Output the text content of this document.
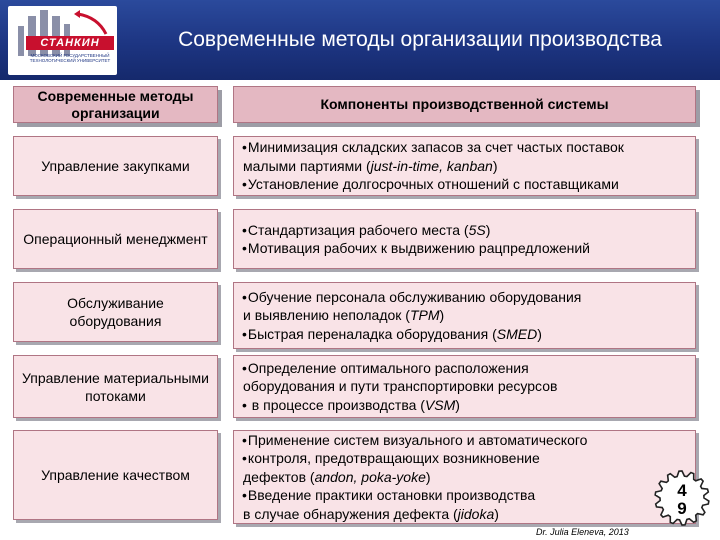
СТАНКИН
МОСКОВСКИЙ ГОСУДАРСТВЕННЫЙ ТЕХНОЛОГИЧЕСКИЙ УНИВЕРСИТЕТ
Современные методы организации производства
Современные методы организации
Компоненты производственной системы
Управление закупками
•Минимизация складских запасов за счет частых поставок
малыми партиями (just-in-time, kanban)
•Установление долгосрочных отношений с поставщиками
Операционный менеджмент
•Стандартизация рабочего места (5S)
•Мотивация рабочих к выдвижению рацпредложений
Обслуживание оборудования
•Обучение персонала обслуживанию оборудования
и выявлению неполадок (TPM)
•Быстрая переналадка оборудования (SMED)
Управление материальными потоками
•Определение оптимального расположения
оборудования и пути транспортировки ресурсов
• в процессе производства (VSM)
Управление качеством
•Применение систем визуального и автоматического
•контроля, предотвращающих возникновение
дефектов (andon, poka-yoke)
•Введение практики остановки производства
в случае обнаружения дефекта (jidoka)
Dr. Julia Eleneva, 2013
4
9
